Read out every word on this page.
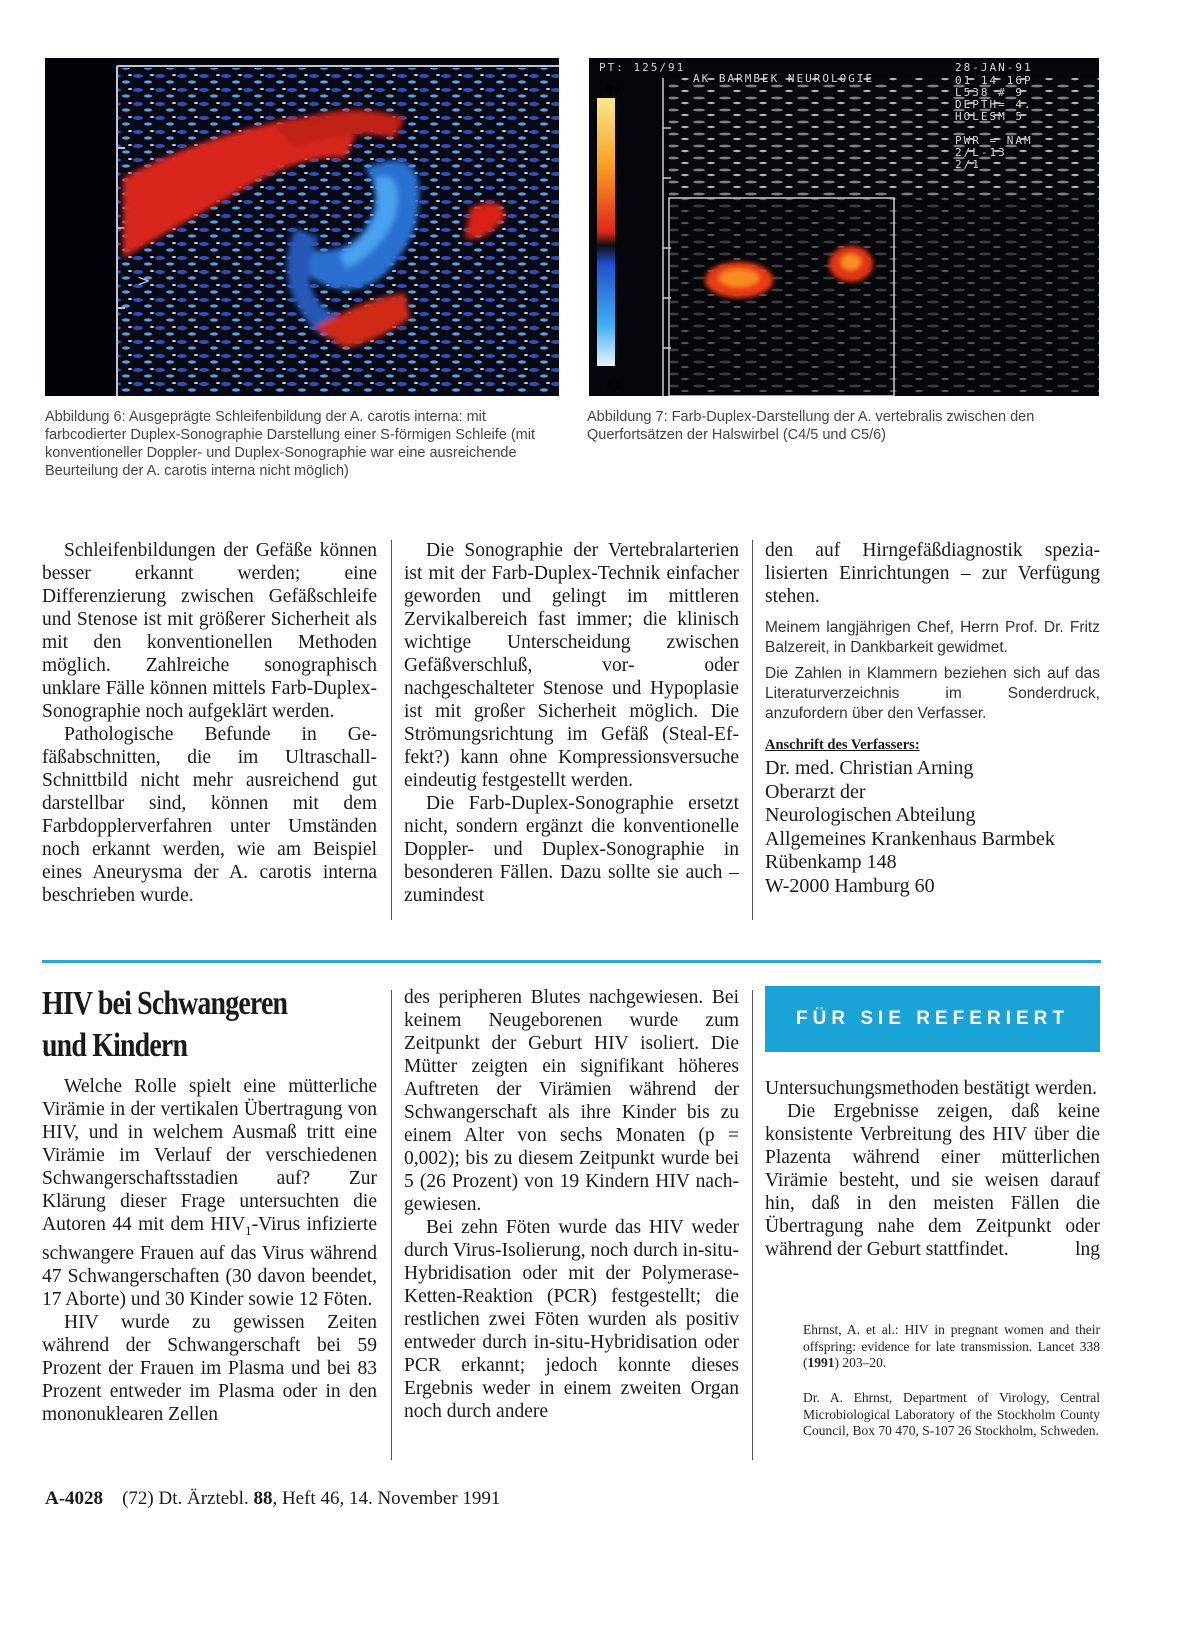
>
Abbildung 6: Ausgeprägte Schleifenbildung der A. carotis interna: mit farbcodierter Duplex-Sonographie Darstellung einer S-förmigen Schleife (mit konventioneller Doppler- und Duplex-Sonographie war eine ausreichende Beurteilung der A. carotis interna nicht möglich)
.07
.11
PT: 125/91
AK BARMBEK NEUROLOGIE
28-JAN-91
01 14 16P
L538 # 9
DEPTH= 4.
HOLESM 5
PWR = NAM
2/L-13
2/1
Abbildung 7: Farb-Duplex-Darstellung der A. vertebralis zwischen den Querfortsätzen der Halswirbel (C4/5 und C5/6)

Schleifenbildungen der Gefäße können besser erkannt werden; eine Differenzierung zwischen Gefäßschleife und Stenose ist mit größerer Sicherheit als mit den konventionellen Methoden möglich. Zahlreiche sonographisch unklare Fälle können mittels Farb-Duplex-Sonographie noch aufgeklärt werden.

Pathologische Befunde in Gefäßabschnitten, die im Ultraschall-Schnittbild nicht mehr ausreichend gut darstellbar sind, können mit dem Farbdopplerverfahren unter Umständen noch erkannt werden, wie am Beispiel eines Aneurysma der A. carotis interna beschrieben wurde.

Die Sonographie der Vertebralarterien ist mit der Farb-Duplex-Technik einfacher geworden und gelingt im mittleren Zervikalbereich fast immer; die klinisch wichtige Unterscheidung zwischen Gefäßverschluß, vor- oder nachgeschalteter Stenose und Hypoplasie ist mit großer Sicherheit möglich. Die Strömungsrichtung im Gefäß (Steal-Effekt?) kann ohne Kompressionsversuche eindeutig festgestellt werden.

Die Farb-Duplex-Sonographie ersetzt nicht, sondern ergänzt die konventionelle Doppler- und Duplex-Sonographie in besonderen Fällen. Dazu sollte sie auch – zumindest

den auf Hirngefäßdiagnostik spezialisierten Einrichtungen – zur Verfügung stehen.
Meinem langjährigen Chef, Herrn Prof. Dr. Fritz Balzereit, in Dankbarkeit gewidmet.
Die Zahlen in Klammern beziehen sich auf das Literaturverzeichnis im Sonderdruck, anzufordern über den Verfasser.
Anschrift des Verfassers:
Dr. med. Christian Arning
Oberarzt der
Neurologischen Abteilung
Allgemeines Krankenhaus Barmbek
Rübenkamp 148
W-2000 Hamburg 60
HIV bei Schwangeren
und Kindern

Welche Rolle spielt eine mütterliche Virämie in der vertikalen Übertragung von HIV, und in welchem Ausmaß tritt eine Virämie im Verlauf der verschiedenen Schwangerschaftsstadien auf? Zur Klärung dieser Frage untersuchten die Autoren 44 mit dem $HIV_1$-Virus infizierte schwangere Frauen auf das Virus während 47 Schwangerschaften (30 davon beendet, 17 Aborte) und 30 Kinder sowie 12 Föten.

HIV wurde zu gewissen Zeiten während der Schwangerschaft bei 59 Prozent der Frauen im Plasma und bei 83 Prozent entweder im Plasma oder in den mononuklearen Zellen

des peripheren Blutes nachgewiesen. Bei keinem Neugeborenen wurde zum Zeitpunkt der Geburt HIV isoliert. Die Mütter zeigten ein signifikant höheres Auftreten der Virämien während der Schwangerschaft als ihre Kinder bis zu einem Alter von sechs Monaten (p = 0,002); bis zu diesem Zeitpunkt wurde bei 5 (26 Prozent) von 19 Kindern HIV nachgewiesen.

Bei zehn Föten wurde das HIV weder durch Virus-Isolierung, noch durch in-situ-Hybridisation oder mit der Polymerase-Ketten-Reaktion (PCR) festgestellt; die restlichen zwei Föten wurden als positiv entweder durch in-situ-Hybridisation oder PCR erkannt; jedoch konnte dieses Ergebnis weder in einem zweiten Organ noch durch andere

FÜR SIE REFERIERT

Untersuchungsmethoden bestätigt werden.

Die Ergebnisse zeigen, daß keine konsistente Verbreitung des HIV über die Plazenta während einer mütterlichen Virämie besteht, und sie weisen darauf hin, daß in den meisten Fällen die Übertragung nahe dem Zeitpunkt oder während der Geburt stattfindet.	lng

Ehrnst, A. et al.: HIV in pregnant women and their offspring: evidence for late transmission. Lancet 338 (1991) 203–20.
Dr. A. Ehrnst, Department of Virology, Central Microbiological Laboratory of the Stockholm County Council, Box 70 470, S-107 26 Stockholm, Schweden.
A-4028 (72) Dt. Ärztebl. 88, Heft 46, 14. November 1991
